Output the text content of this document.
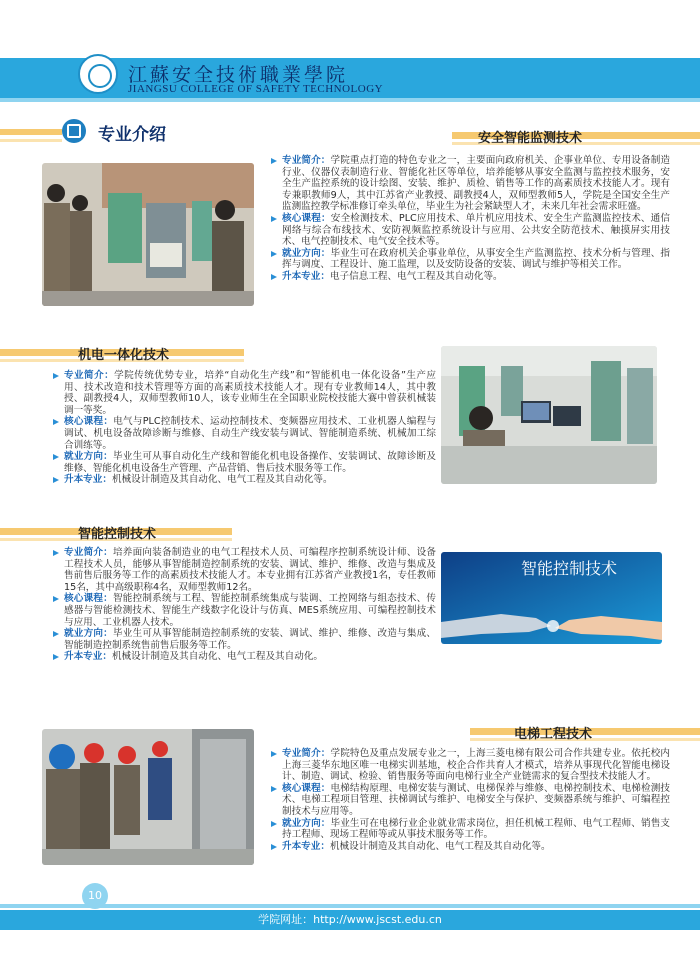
江蘇安全技術職業學院
JIANGSU COLLEGE OF SAFETY TECHNOLOGY
专业介绍	安全智能监测技术

专业简介：学院重点打造的特色专业之一，主要面向政府机关、企事业单位、专用设备制造行业、仪器仪表制造行业、智能化社区等单位，培养能够从事安全监测与监控技术服务，安全生产监控系统的设计绘图、安装、维护、质检、销售等工作的高素质技术技能人才。现有专兼职教师9人，其中江苏省产业教授、副教授4人，双师型教师5人，学院是全国安全生产监测监控教学标准修订牵头单位，毕业生为社会紧缺型人才，未来几年社会需求旺盛。

核心课程：安全检测技术、PLC应用技术、单片机应用技术、安全生产监测监控技术、通信网络与综合布线技术、安防视频监控系统设计与应用、公共安全防范技术、触摸屏实用技术、电气控制技术、电气安全技术等。

就业方向：毕业生可在政府机关企事业单位，从事安全生产监测监控、技术分析与管理、指挥与调度、工程设计、施工监理，以及安防设备的安装、调试与维护等相关工作。

升本专业：电子信息工程、电气工程及其自动化等。

机电一体化技术

专业简介：学院传统优势专业，培养“自动化生产线”和“智能机电一体化设备”生产应用、技术改造和技术管理等方面的高素质技术技能人才。现有专业教师14人，其中教授、副教授4人，双师型教师10人，该专业师生在全国职业院校技能大赛中曾获机械装调一等奖。

核心课程：电气与PLC控制技术、运动控制技术、变频器应用技术、工业机器人编程与调试、机电设备故障诊断与维修、自动生产线安装与调试、智能制造系统、机械加工综合训练等。

就业方向：毕业生可从事自动化生产线和智能化机电设备操作、安装调试、故障诊断及维修、智能化机电设备生产管理、产品营销、售后技术服务等工作。

升本专业：机械设计制造及其自动化、电气工程及其自动化等。

智能控制技术

专业简介：培养面向装备制造业的电气工程技术人员、可编程序控制系统设计师、设备工程技术人员，能够从事智能制造控制系统的安装、调试、维护、维修、改造与集成及售前售后服务等工作的高素质技术技能人才。本专业拥有江苏省产业教授1名，专任教师15名，其中高级职称4名，双师型教师12名。

核心课程：智能控制系统与工程、智能控制系统集成与装调、工控网络与组态技术、传感器与智能检测技术、智能生产线数字化设计与仿真、MES系统应用、可编程控制技术与应用、工业机器人技术。

就业方向：毕业生可从事智能制造控制系统的安装、调试、维护、维修、改造与集成、智能制造控制系统售前售后服务等工作。

升本专业：机械设计制造及其自动化、电气工程及其自动化。

智能控制技术
电梯工程技术

专业简介：学院特色及重点发展专业之一，上海三菱电梯有限公司合作共建专业。依托校内上海三菱华东地区唯一电梯实训基地，校企合作共育人才模式，培养从事现代化智能电梯设计、制造、调试、检验、销售服务等面向电梯行业全产业链需求的复合型技术技能人才。

核心课程：电梯结构原理、电梯安装与测试、电梯保养与维修、电梯控制技术、电梯检测技术、电梯工程项目管理、扶梯调试与维护、电梯安全与保护、变频器系统与维护、可编程控制技术与应用等。

就业方向：毕业生可在电梯行业企业就业需求岗位，担任机械工程师、电气工程师、销售支持工程师、现场工程师等或从事技术服务等工作。

升本专业：机械设计制造及其自动化、电气工程及其自动化等。

10
学院网址：http://www.jscst.edu.cn
